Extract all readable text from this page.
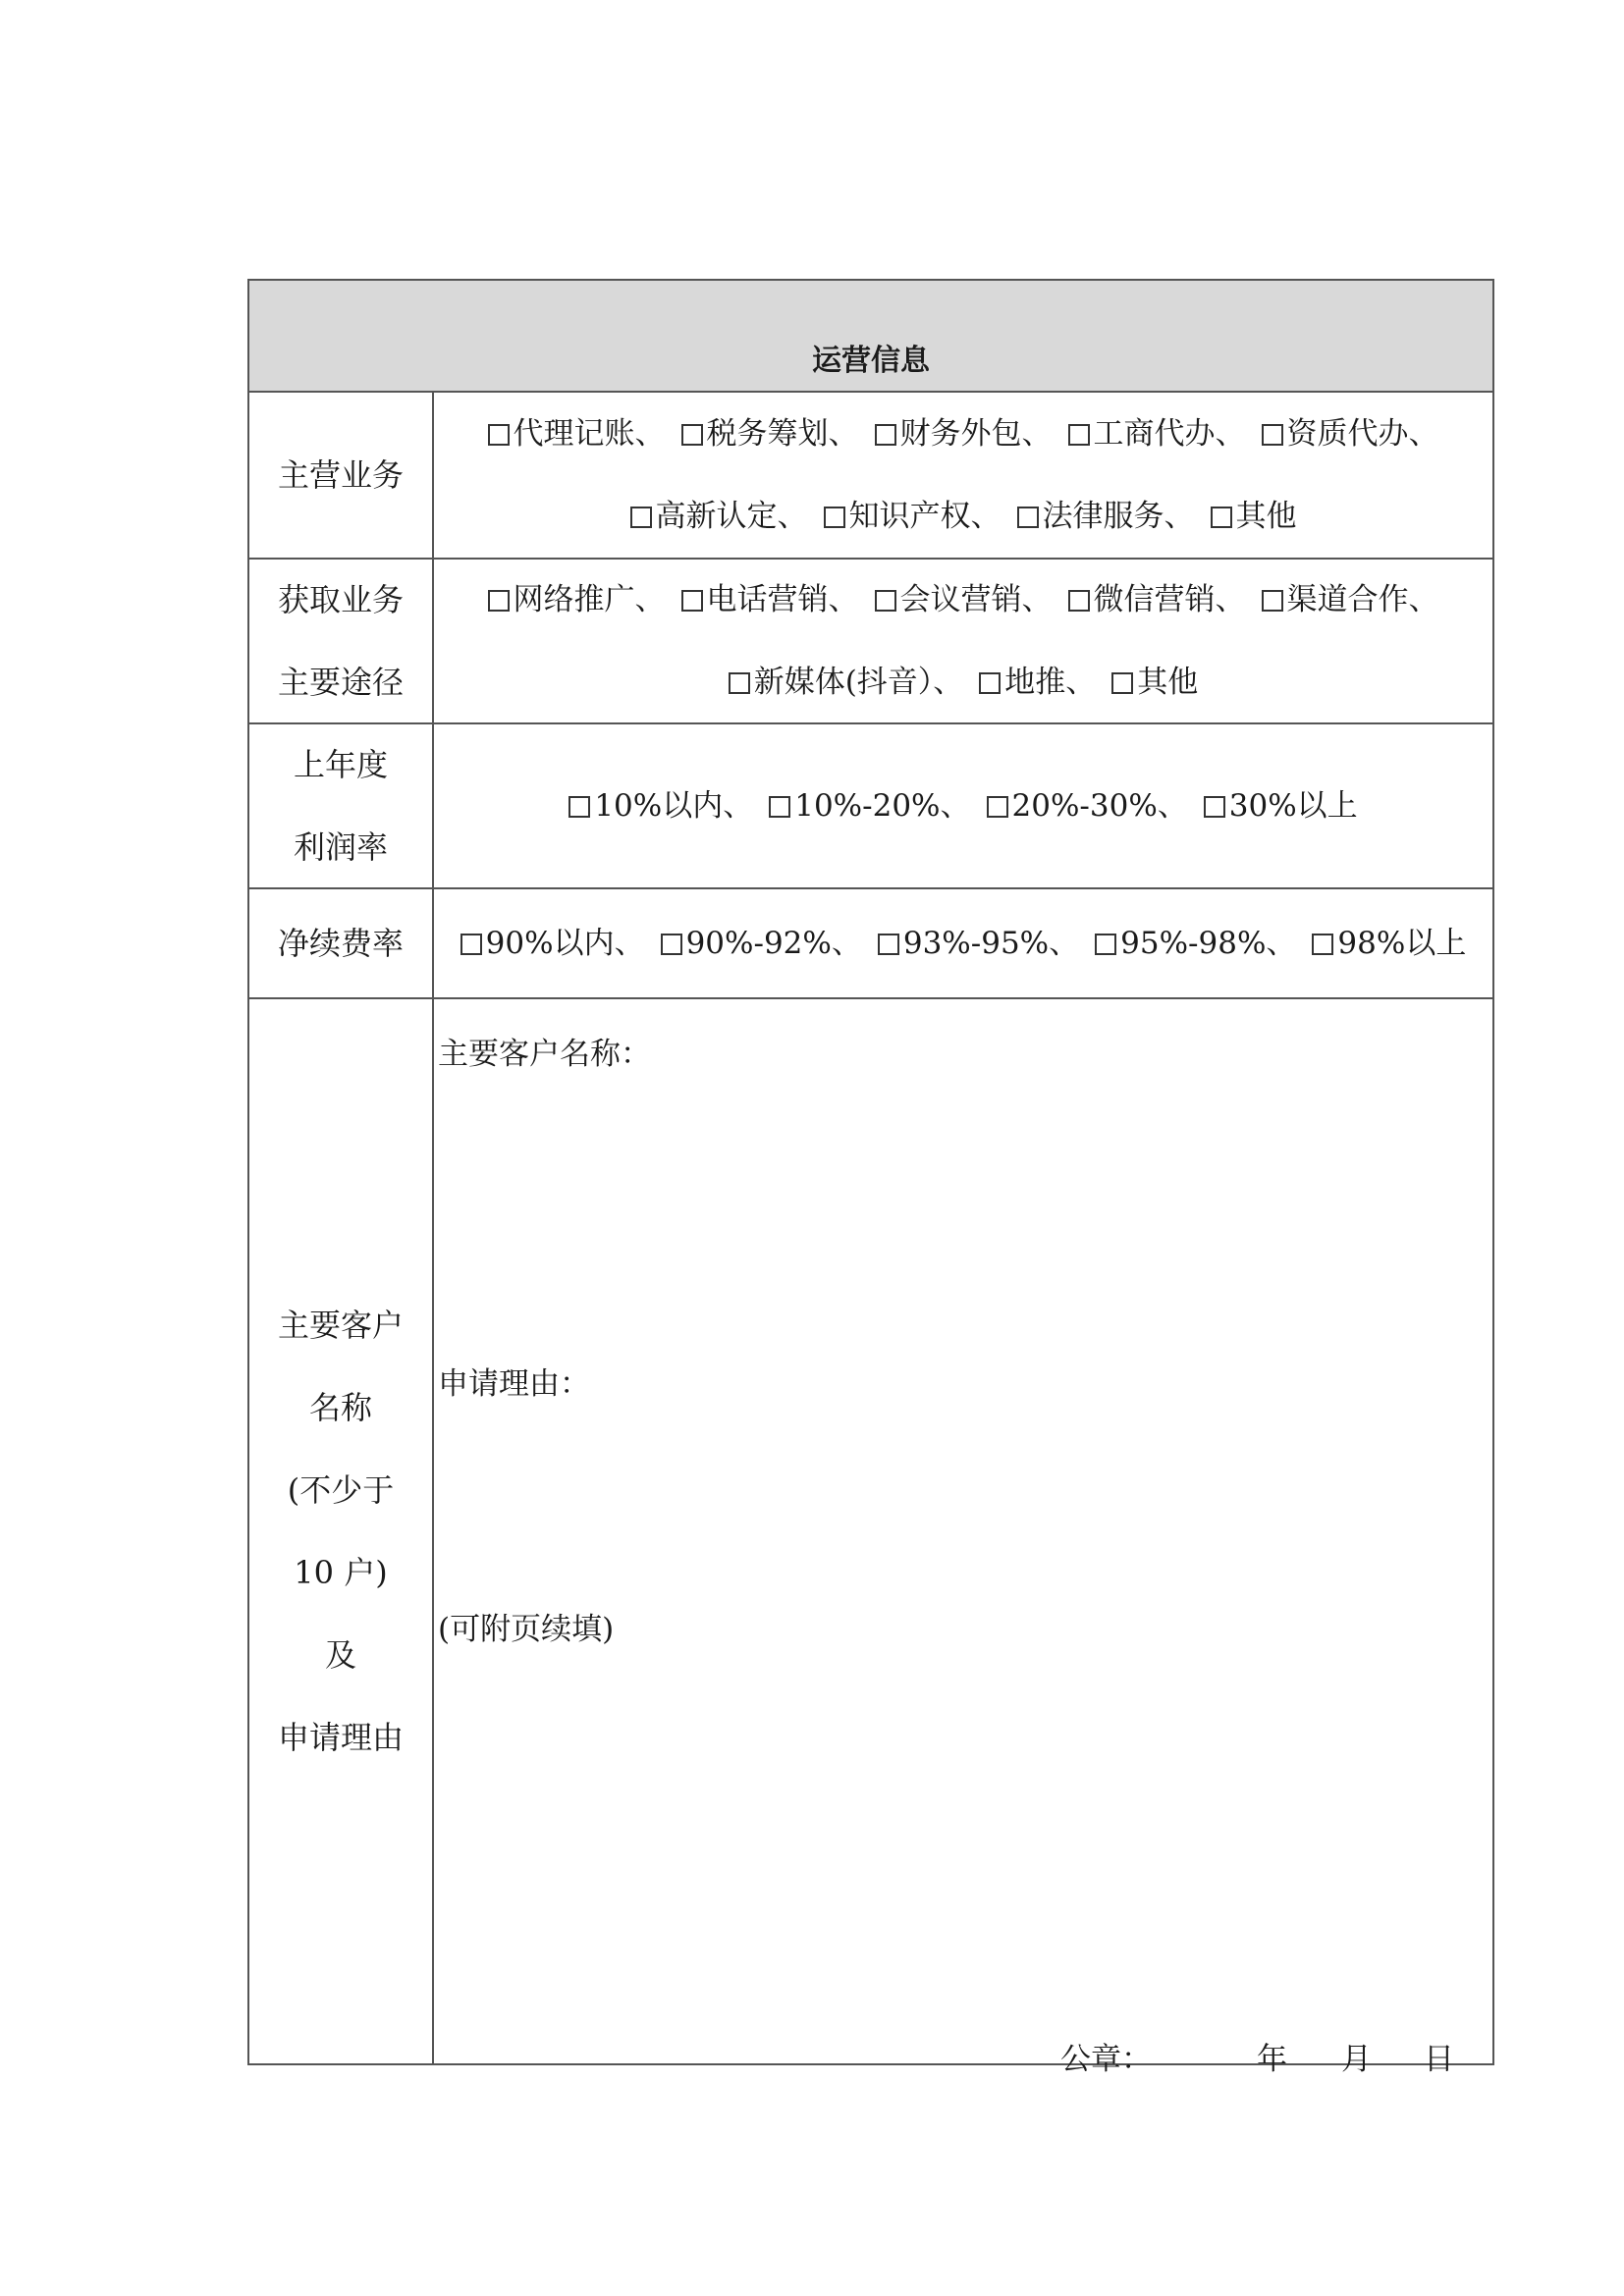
运营信息
主营业务
代理记账、 税务筹划、 财务外包、 工商代办、 资质代办、
高新认定、 知识产权、 法律服务、 其他
获取业务
主要途径
网络推广、 电话营销、 会议营销、 微信营销、 渠道合作、
新媒体(抖音）、 地推、 其他
上年度
利润率
10%以内、 10%-20%、 20%-30%、 30%以上
净续费率	90%以内、 90%-92%、 93%-95%、 95%-98%、 98%以上
主要客户
名称
(不少于
10 户)
及
申请理由
主要客户名称：
申请理由：
(可附页续填)
公章：	年 月 日
